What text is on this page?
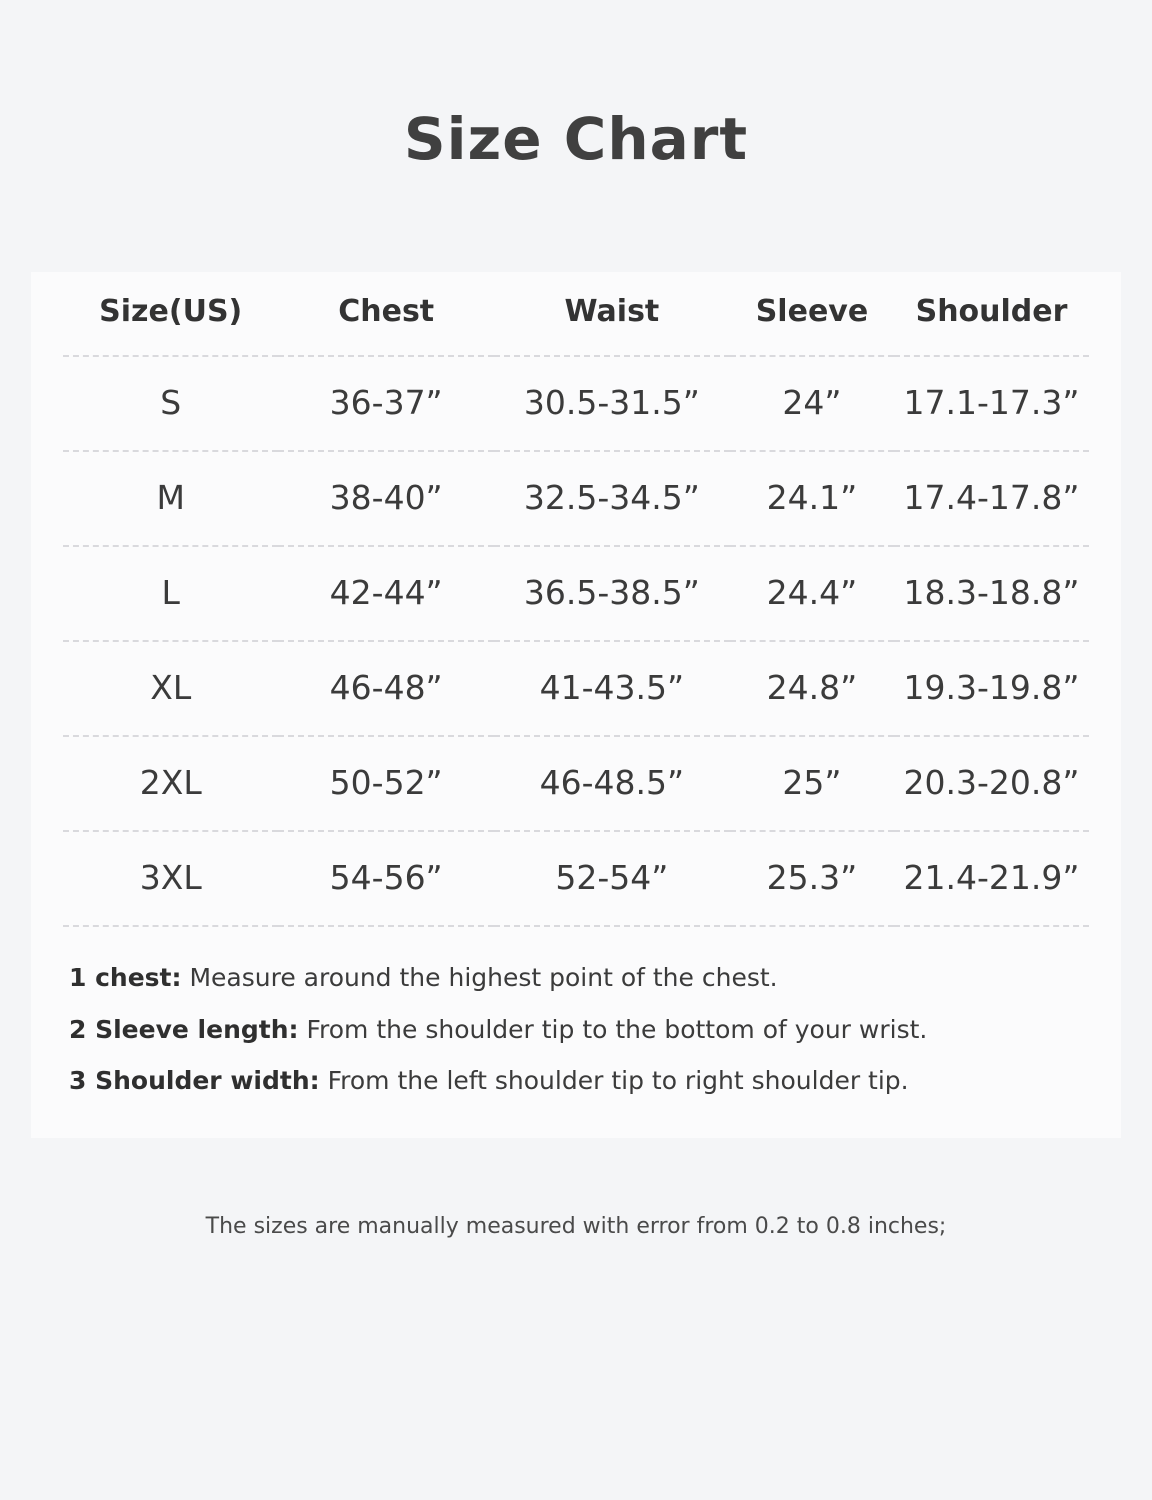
Size Chart
Size(US)	Chest	Waist	Sleeve	Shoulder
S	36-37”	30.5-31.5”	24”	17.1-17.3”
M	38-40”	32.5-34.5”	24.1”	17.4-17.8”
L	42-44”	36.5-38.5”	24.4”	18.3-18.8”
XL	46-48”	41-43.5”	24.8”	19.3-19.8”
2XL	50-52”	46-48.5”	25”	20.3-20.8”
3XL	54-56”	52-54”	25.3”	21.4-21.9”

1 chest: Measure around the highest point of the chest.

2 Sleeve length: From the shoulder tip to the bottom of your wrist.

3 Shoulder width: From the left shoulder tip to right shoulder tip.

The sizes are manually measured with error from 0.2 to 0.8 inches;
